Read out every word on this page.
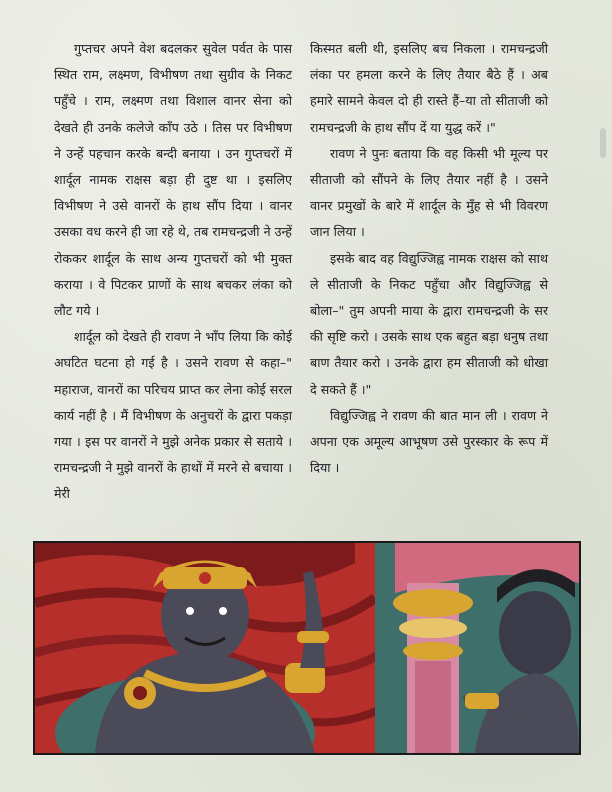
गुप्तचर अपने वेश बदलकर सुवेल पर्वत के पास स्थित राम, लक्ष्मण, विभीषण तथा सुग्रीव के निकट पहुँचे । राम, लक्ष्मण तथा विशाल वानर सेना को देखते ही उनके कलेजे काँप उठे । तिस पर विभीषण ने उन्हें पहचान करके बन्दी बनाया । उन गुप्तचरों में शार्दूल नामक राक्षस बड़ा ही दुष्ट था । इसलिए विभीषण ने उसे वानरों के हाथ सौंप दिया । वानर उसका वध करने ही जा रहे थे, तब रामचन्द्रजी ने उन्हें रोककर शार्दूल के साथ अन्य गुप्तचरों को भी मुक्त कराया । वे पिटकर प्राणों के साथ बचकर लंका को लौट गये ।

शार्दूल को देखते ही रावण ने भाँप लिया कि कोई अघटित घटना हो गई है । उसने रावण से कहा–" महाराज, वानरों का परिचय प्राप्त कर लेना कोई सरल कार्य नहीं है । मैं विभीषण के अनुचरों के द्वारा पकड़ा गया । इस पर वानरों ने मुझे अनेक प्रकार से सताये । रामचन्द्रजी ने मुझे वानरों के हाथों में मरने से बचाया । मेरी

किस्मत बली थी, इसलिए बच निकला । रामचन्द्रजी लंका पर हमला करने के लिए तैयार बैठे हैं । अब हमारे सामने केवल दो ही रास्ते हैं–या तो सीताजी को रामचन्द्रजी के हाथ सौंप दें या युद्ध करें ।"

रावण ने पुनः बताया कि वह किसी भी मूल्य पर सीताजी को सौंपने के लिए तैयार नहीं है । उसने वानर प्रमुखों के बारे में शार्दूल के मुँह से भी विवरण जान लिया ।

इसके बाद वह विद्युज्जिह्व नामक राक्षस को साथ ले सीताजी के निकट पहुँचा और विद्युज्जिह्व से बोला–" तुम अपनी माया के द्वारा रामचन्द्रजी के सर की सृष्टि करो । उसके साथ एक बहुत बड़ा धनुष तथा बाण तैयार करो । उनके द्वारा हम सीताजी को धोखा दे सकते हैं ।"

विद्युज्जिह्व ने रावण की बात मान ली । रावण ने अपना एक अमूल्य आभूषण उसे पुरस्कार के रूप में दिया ।
